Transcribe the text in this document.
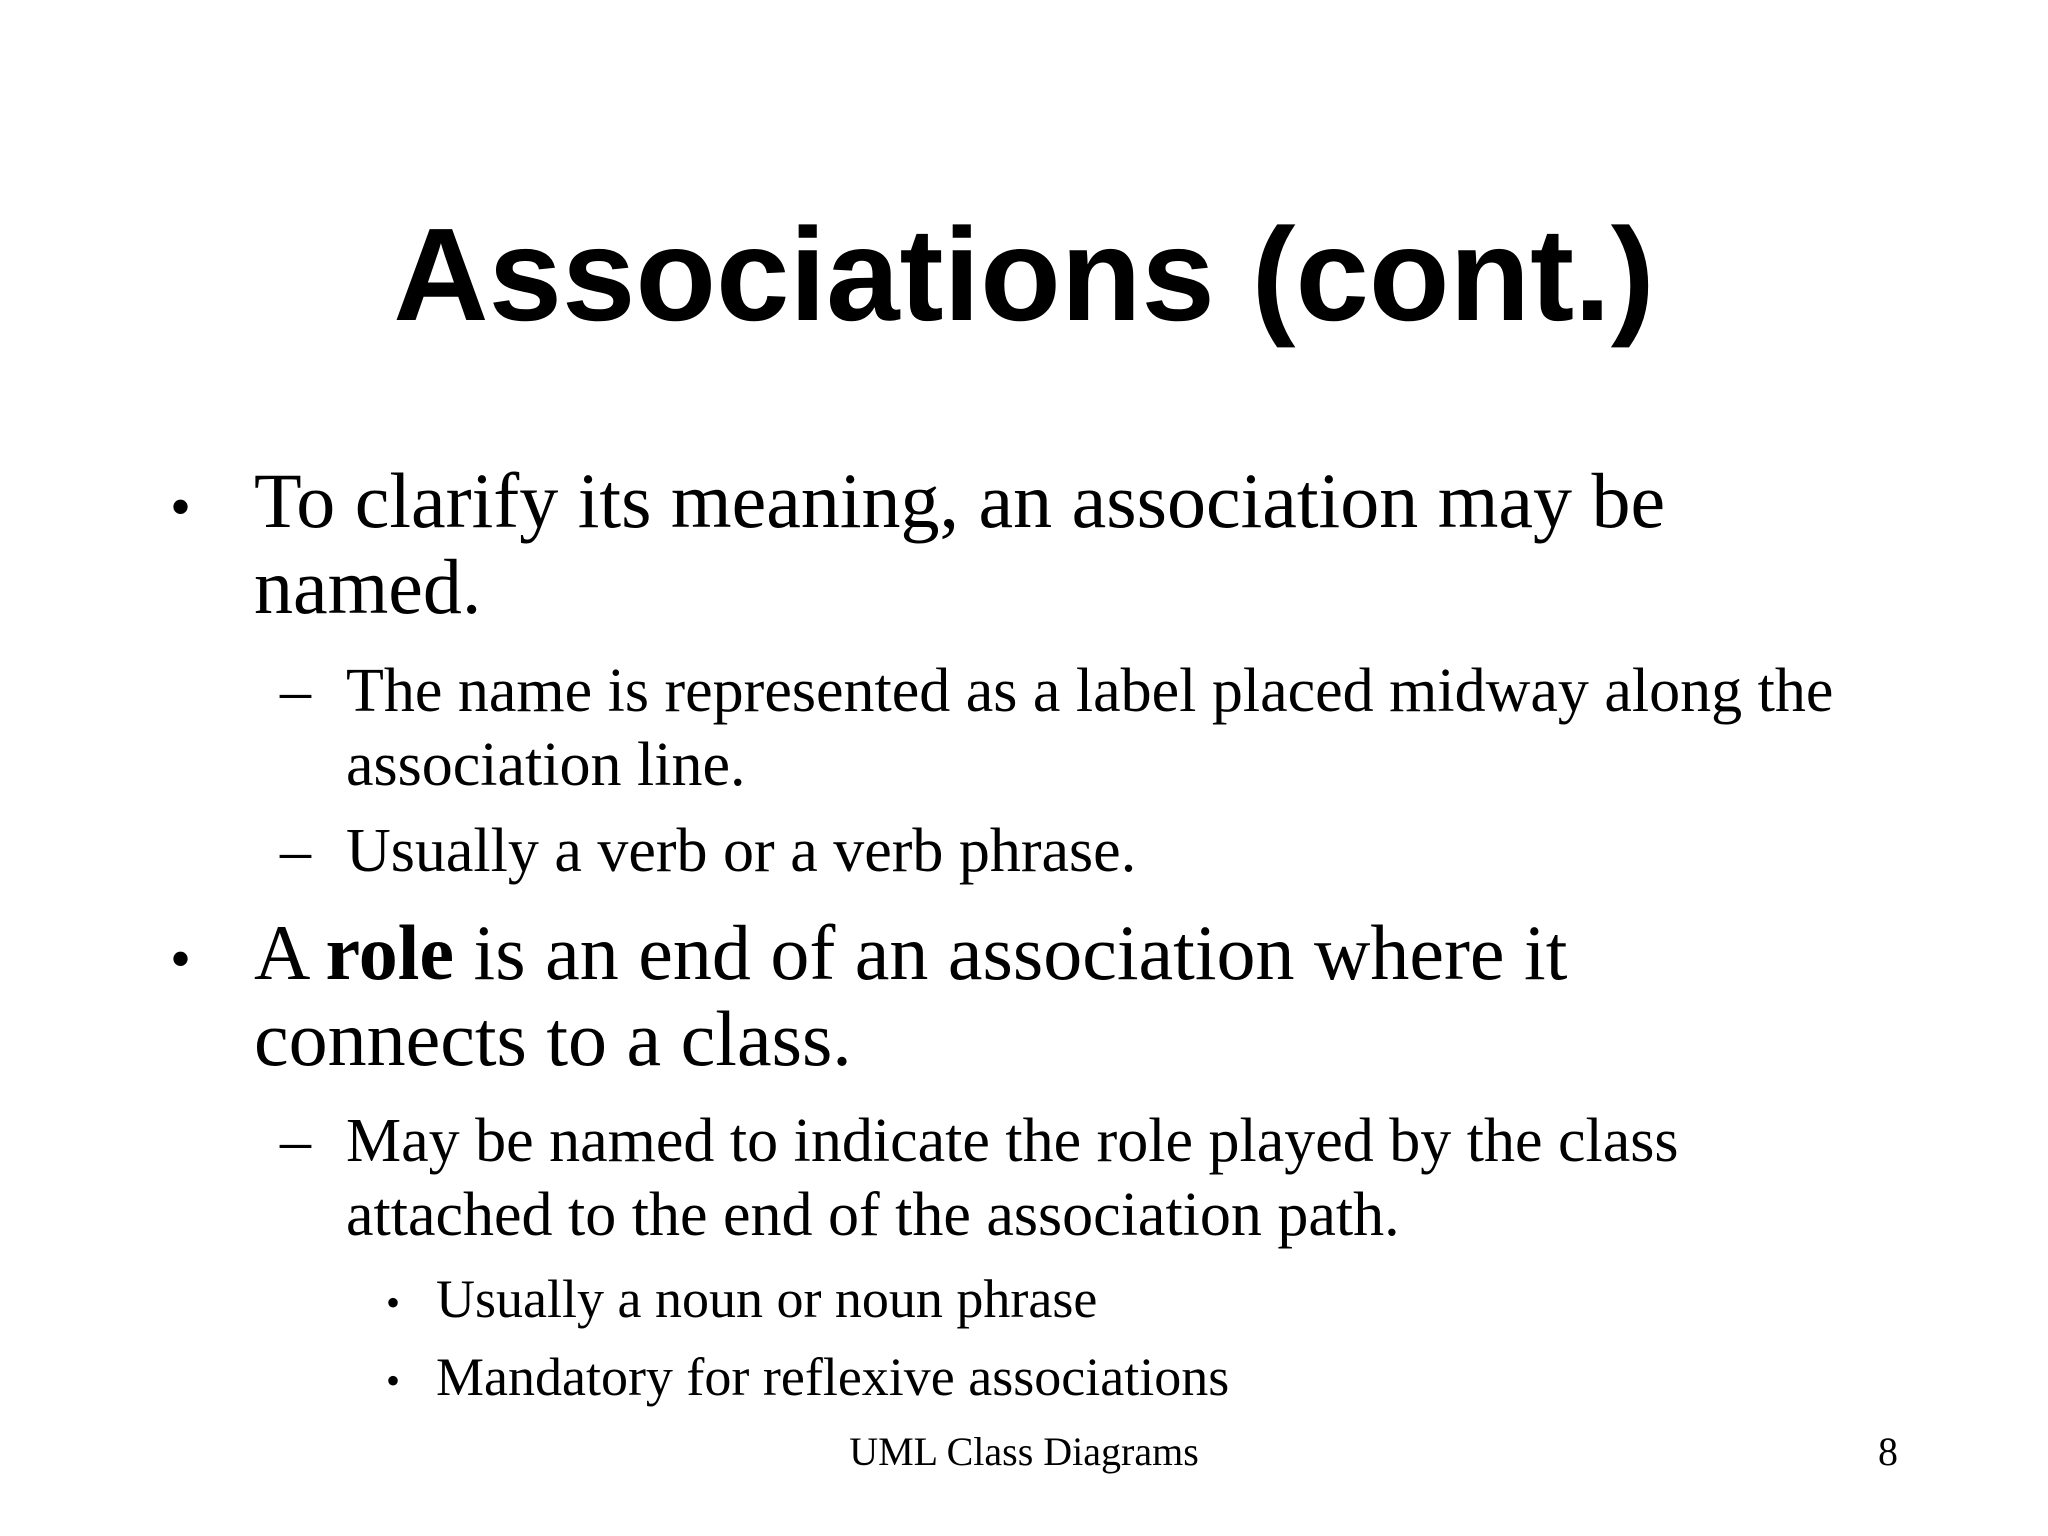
Associations (cont.)
• To clarify its meaning, an association may be named.
– The name is represented as a label placed midway along the association line.
– Usually a verb or a verb phrase.
• A role is an end of an association where it connects to a class.
– May be named to indicate the role played by the class attached to the end of the association path.
• Usually a noun or noun phrase
• Mandatory for reflexive associations
UML Class Diagrams	8
